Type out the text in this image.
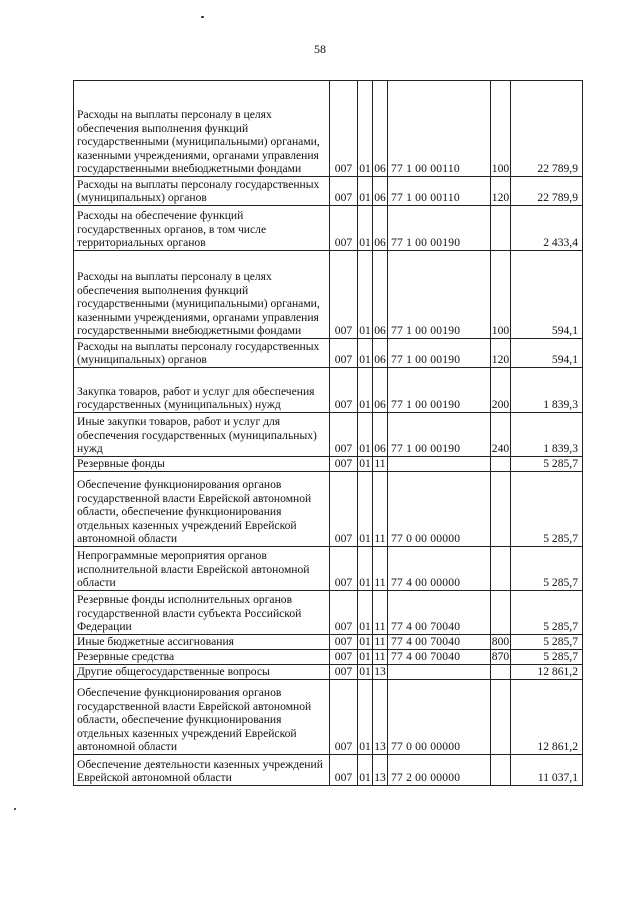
58
Расходы на выплаты персоналу в целях обеспечения выполнения функций государственными (муниципальными) органами, казенными учреждениями, органами управления государственными внебюджетными фондами	007	01	06	77 1 00 00110	100	22 789,9
Расходы на выплаты персоналу государственных (муниципальных) органов	007	01	06	77 1 00 00110	120	22 789,9
Расходы на обеспечение функций государственных органов, в том числе территориальных органов	007	01	06	77 1 00 00190		2 433,4
Расходы на выплаты персоналу в целях обеспечения выполнения функций государственными (муниципальными) органами, казенными учреждениями, органами управления государственными внебюджетными фондами	007	01	06	77 1 00 00190	100	594,1
Расходы на выплаты персоналу государственных (муниципальных) органов	007	01	06	77 1 00 00190	120	594,1
Закупка товаров, работ и услуг для обеспечения государственных (муниципальных) нужд	007	01	06	77 1 00 00190	200	1 839,3
Иные закупки товаров, работ и услуг для обеспечения государственных (муниципальных) нужд	007	01	06	77 1 00 00190	240	1 839,3
Резервные фонды	007	01	11			5 285,7
Обеспечение функционирования органов государственной власти Еврейской автономной области, обеспечение функционирования отдельных казенных учреждений Еврейской автономной области	007	01	11	77 0 00 00000		5 285,7
Непрограммные мероприятия органов исполнительной власти Еврейской автономной области	007	01	11	77 4 00 00000		5 285,7
Резервные фонды исполнительных органов государственной власти субъекта Российской Федерации	007	01	11	77 4 00 70040		5 285,7
Иные бюджетные ассигнования	007	01	11	77 4 00 70040	800	5 285,7
Резервные средства	007	01	11	77 4 00 70040	870	5 285,7
Другие общегосударственные вопросы	007	01	13			12 861,2
Обеспечение функционирования органов государственной власти Еврейской автономной области, обеспечение функционирования отдельных казенных учреждений Еврейской автономной области	007	01	13	77 0 00 00000		12 861,2
Обеспечение деятельности казенных учреждений Еврейской автономной области	007	01	13	77 2 00 00000		11 037,1
